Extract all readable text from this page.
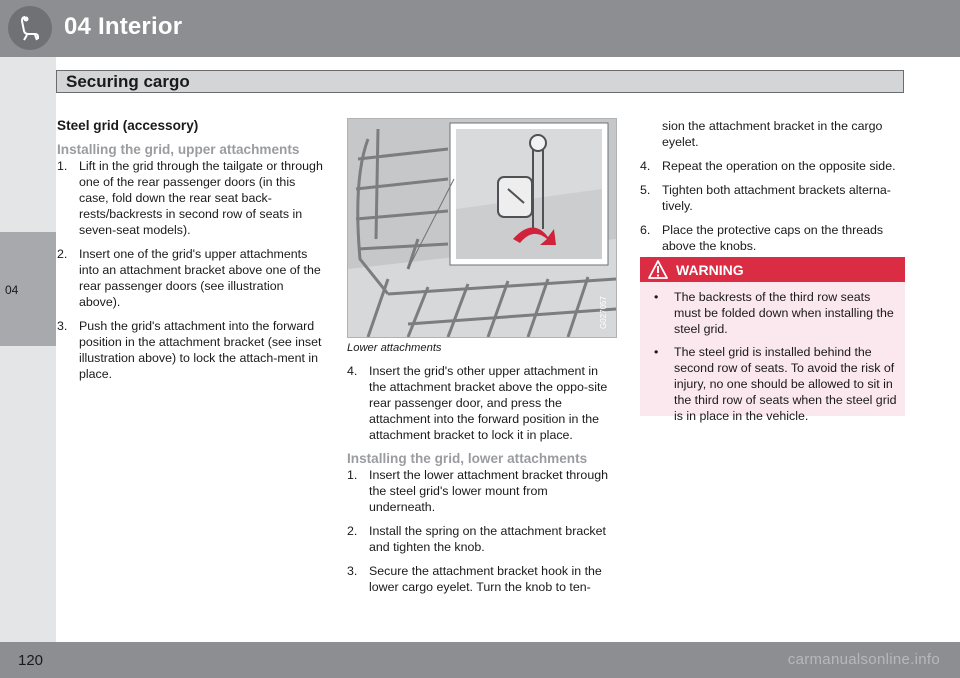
04 Interior
Securing cargo
04

Steel grid (accessory)

Installing the grid, upper attachments

1. Lift in the grid through the tailgate or through one of the rear passenger doors (in this case, fold down the rear seat back-rests/backrests in second row of seats in seven-seat models).
2. Insert one of the grid's upper attachments into an attachment bracket above one of the rear passenger doors (see illustration above).
3. Push the grid's attachment into the forward position in the attachment bracket (see inset illustration above) to lock the attach-ment in place.
G027057
Lower attachments
4. Insert the grid's other upper attachment in the attachment bracket above the oppo-site rear passenger door, and press the attachment into the forward position in the attachment bracket to lock it in place.

Installing the grid, lower attachments

1. Insert the lower attachment bracket through the steel grid's lower mount from underneath.
2. Install the spring on the attachment bracket and tighten the knob.
3. Secure the attachment bracket hook in the lower cargo eyelet. Turn the knob to ten-

sion the attachment bracket in the cargo eyelet.

4. Repeat the operation on the opposite side.
5. Tighten both attachment brackets alterna-tively.
6. Place the protective caps on the threads above the knobs.
WARNING
• The backrests of the third row seats must be folded down when installing the steel grid.
• The steel grid is installed behind the second row of seats. To avoid the risk of injury, no one should be allowed to sit in the third row of seats when the steel grid is in place in the vehicle.
120	carmanualsonline.info
